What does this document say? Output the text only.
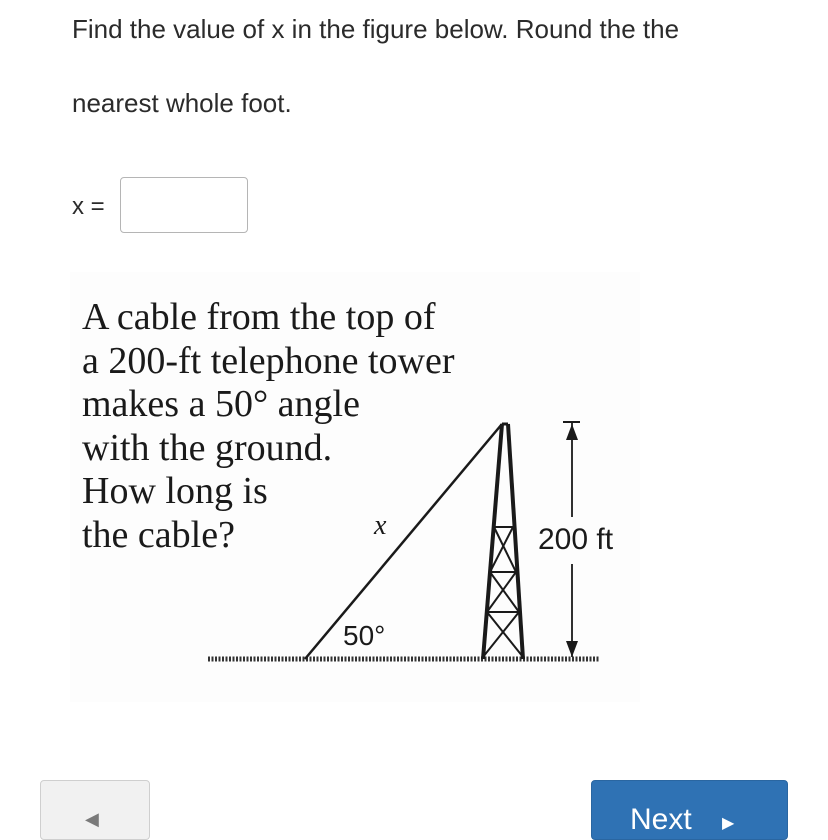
Find the value of x in the figure below. Round the the
nearest whole foot.
x =
A cable from the top of
a 200-ft telephone tower
makes a 50° angle
with the ground.
How long is
the cable?	x	200 ft
50°
◀	Next ▶
